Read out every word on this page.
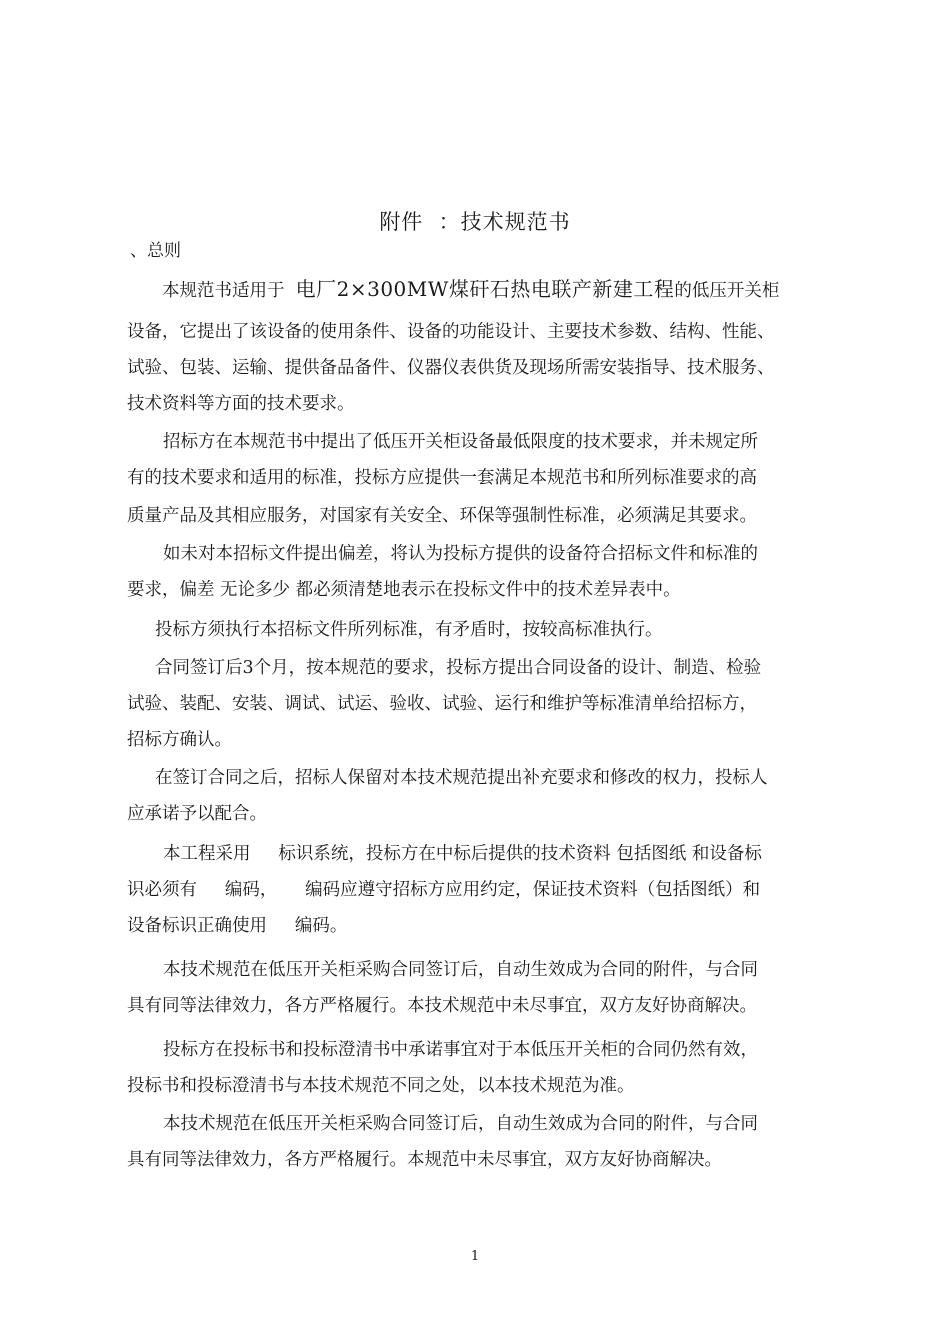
附件  ：技术规范书
、总则
本规范书适用于  电厂2×300MW煤矸石热电联产新建工程的低压开关柜
设备，它提出了该设备的使用条件、设备的功能设计、主要技术参数、结构、性能、
试验、包装、运输、提供备品备件、仪器仪表供货及现场所需安装指导、技术服务、
技术资料等方面的技术要求。
招标方在本规范书中提出了低压开关柜设备最低限度的技术要求，并未规定所
有的技术要求和适用的标准，投标方应提供一套满足本规范书和所列标准要求的高
质量产品及其相应服务，对国家有关安全、环保等强制性标准，必须满足其要求。
如未对本招标文件提出偏差，将认为投标方提供的设备符合招标文件和标准的
要求，偏差 无论多少 都必须清楚地表示在投标文件中的技术差异表中。
投标方须执行本招标文件所列标准，有矛盾时，按较高标准执行。
合同签订后3个月，按本规范的要求，投标方提出合同设备的设计、制造、检验
试验、装配、安装、调试、试运、验收、试验、运行和维护等标准清单给招标方，
招标方确认。
在签订合同之后，招标人保留对本技术规范提出补充要求和修改的权力，投标人
应承诺予以配合。
本工程采用     标识系统，投标方在中标后提供的技术资料 包括图纸 和设备标
识必须有     编码，     编码应遵守招标方应用约定，保证技术资料（包括图纸）和
设备标识正确使用     编码。
本技术规范在低压开关柜采购合同签订后，自动生效成为合同的附件，与合同
具有同等法律效力，各方严格履行。本技术规范中未尽事宜，双方友好协商解决。
投标方在投标书和投标澄清书中承诺事宜对于本低压开关柜的合同仍然有效，
投标书和投标澄清书与本技术规范不同之处，以本技术规范为准。
本技术规范在低压开关柜采购合同签订后，自动生效成为合同的附件，与合同
具有同等法律效力，各方严格履行。本规范中未尽事宜，双方友好协商解决。
1
